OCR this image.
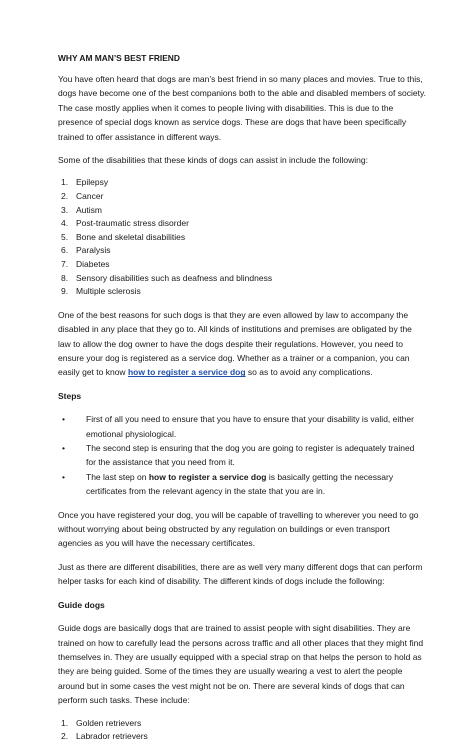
WHY AM MAN’S BEST FRIEND

You have often heard that dogs are man’s best friend in so many places and movies. True to this, dogs have become one of the best companions both to the able and disabled members of society. The case mostly applies when it comes to people living with disabilities. This is due to the presence of special dogs known as service dogs. These are dogs that have been specifically trained to offer assistance in different ways.

Some of the disabilities that these kinds of dogs can assist in include the following:

1. Epilepsy
2. Cancer
3. Autism
4. Post-traumatic stress disorder
5. Bone and skeletal disabilities
6. Paralysis
7. Diabetes
8. Sensory disabilities such as deafness and blindness
9. Multiple sclerosis

One of the best reasons for such dogs is that they are even allowed by law to accompany the disabled in any place that they go to. All kinds of institutions and premises are obligated by the law to allow the dog owner to have the dogs despite their regulations. However, you need to ensure your dog is registered as a service dog. Whether as a trainer or a companion, you can easily get to know how to register a service dog so as to avoid any complications.

Steps

• First of all you need to ensure that you have to ensure that your disability is valid, either emotional physiological.
• The second step is ensuring that the dog you are going to register is adequately trained for the assistance that you need from it.
• The last step on how to register a service dog is basically getting the necessary certificates from the relevant agency in the state that you are in.

Once you have registered your dog, you will be capable of travelling to wherever you need to go without worrying about being obstructed by any regulation on buildings or even transport agencies as you will have the necessary certificates.

Just as there are different disabilities, there are as well very many different dogs that can perform helper tasks for each kind of disability. The different kinds of dogs include the following:

Guide dogs

Guide dogs are basically dogs that are trained to assist people with sight disabilities. They are trained on how to carefully lead the persons across traffic and all other places that they might find themselves in. They are usually equipped with a special strap on that helps the person to hold as they are being guided. Some of the times they are usually wearing a vest to alert the people around but in some cases the vest might not be on. There are several kinds of dogs that can perform such tasks. These include:

1. Golden retrievers
2. Labrador retrievers
